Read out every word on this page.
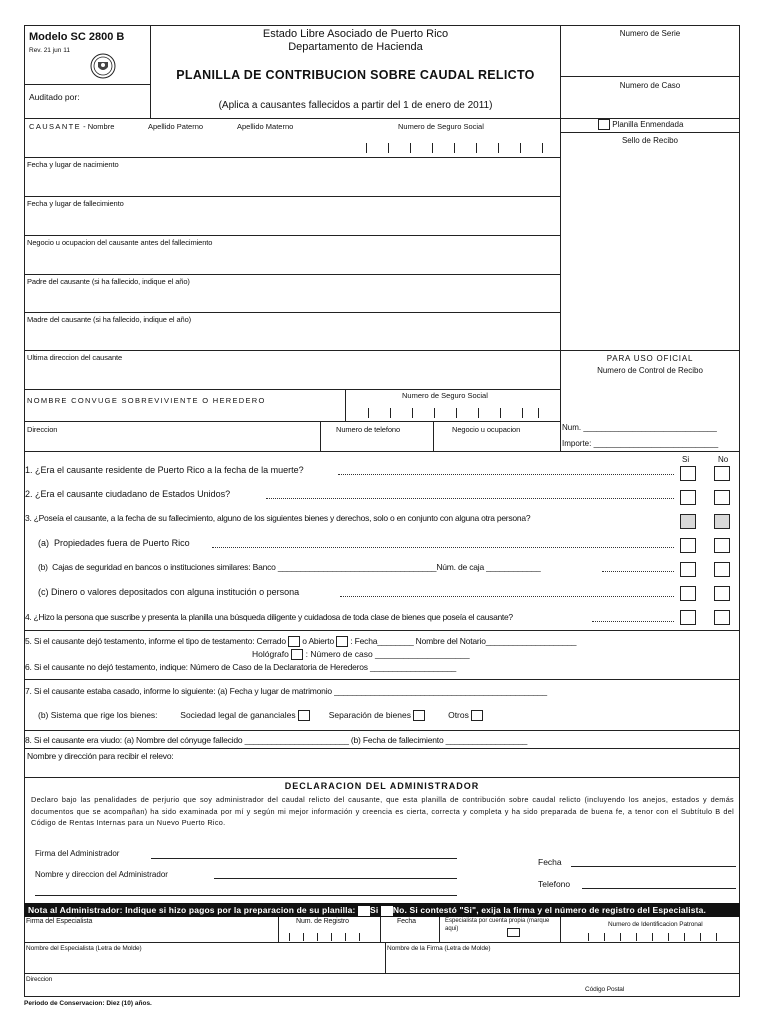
Modelo SC 2800 B
Rev. 21 jun 11
Auditado por:
Estado Libre Asociado de Puerto Rico
Departamento de Hacienda
PLANILLA DE CONTRIBUCION SOBRE CAUDAL RELICTO
(Aplica a causantes fallecidos a partir del 1 de enero de 2011)
Numero de Serie
Numero de Caso
CAUSANTE - Nombre	Apellido Paterno	Apellido Materno	Numero de Seguro Social	Planilla Enmendada
Sello de Recibo
Fecha y lugar de nacimiento
Fecha y lugar de fallecimiento
Negocio u ocupacion del causante antes del fallecimiento
Padre del causante (si ha fallecido, indique el año)
Madre del causante (si ha fallecido, indique el año)
Ultima direccion del causante	PARA USO OFICIAL
Numero de Control de Recibo
Num. ______________________________
Importe: ____________________________
NOMBRE CONVUGE SOBREVIVIENTE O HEREDERO
Numero de Seguro Social
Direccion	Numero de telefono	Negocio u ocupacion
Si	No
1. ¿Era el causante residente de Puerto Rico a la fecha de la muerte?
2. ¿Era el causante ciudadano de Estados Unidos?
3. ¿Poseía el causante, a la fecha de su fallecimiento, alguno de los siguientes bienes y derechos, solo o en conjunto con alguna otra persona?
(a) Propiedades fuera de Puerto Rico
(b) Cajas de seguridad en bancos o instituciones similares: Banco ___________________________________Núm. de caja ____________
(c) Dinero o valores depositados con alguna institución o persona
4. ¿Hizo la persona que suscribe y presenta la planilla una búsqueda diligente y cuidadosa de toda clase de bienes que poseía el causante?
5. Si el causante dejó testamento, informe el tipo de testamento: Cerrado o Abierto : Fecha________ Nombre del Notario____________________
Hológrafo : Número de caso ____________________
6. Si el causante no dejó testamento, indique: Número de Caso de la Declaratoria de Herederos ___________________
7. Si el causante estaba casado, informe lo siguiente: (a) Fecha y lugar de matrimonio _______________________________________________
(b) Sistema que rige los bienes:	Sociedad legal de gananciales	Separación de bienes	Otros
8. Si el causante era viudo: (a) Nombre del cónyuge fallecido _______________________ (b) Fecha de fallecimiento __________________
Nombre y dirección para recibir el relevo:
DECLARACION DEL ADMINISTRADOR
Declaro bajo las penalidades de perjurio que soy administrador del caudal relicto del causante, que esta planilla de contribución sobre caudal relicto (incluyendo los anejos, estados y demás documentos que se acompañan) ha sido examinada por mí y según mi mejor información y creencia es cierta, correcta y completa y ha sido preparada de buena fe, a tenor con el Subtítulo B del Código de Rentas Internas para un Nuevo Puerto Rico.
Firma del Administrador
Nombre y direccion del Administrador
Fecha
Telefono
Nota al Administrador: Indique si hizo pagos por la preparacion de su planilla: Si No. Si contestó "Si", exija la firma y el número de registro del Especialista.
Firma del Especialista	Num. de Registro	Fecha	Especialista por cuenta propia (marque aqui)
Numero de Identificacion Patronal
Nombre del Especialista (Letra de Molde)	Nombre de la Firma (Letra de Molde)
Direccion
Código Postal
Periodo de Conservacion: Diez (10) años.
